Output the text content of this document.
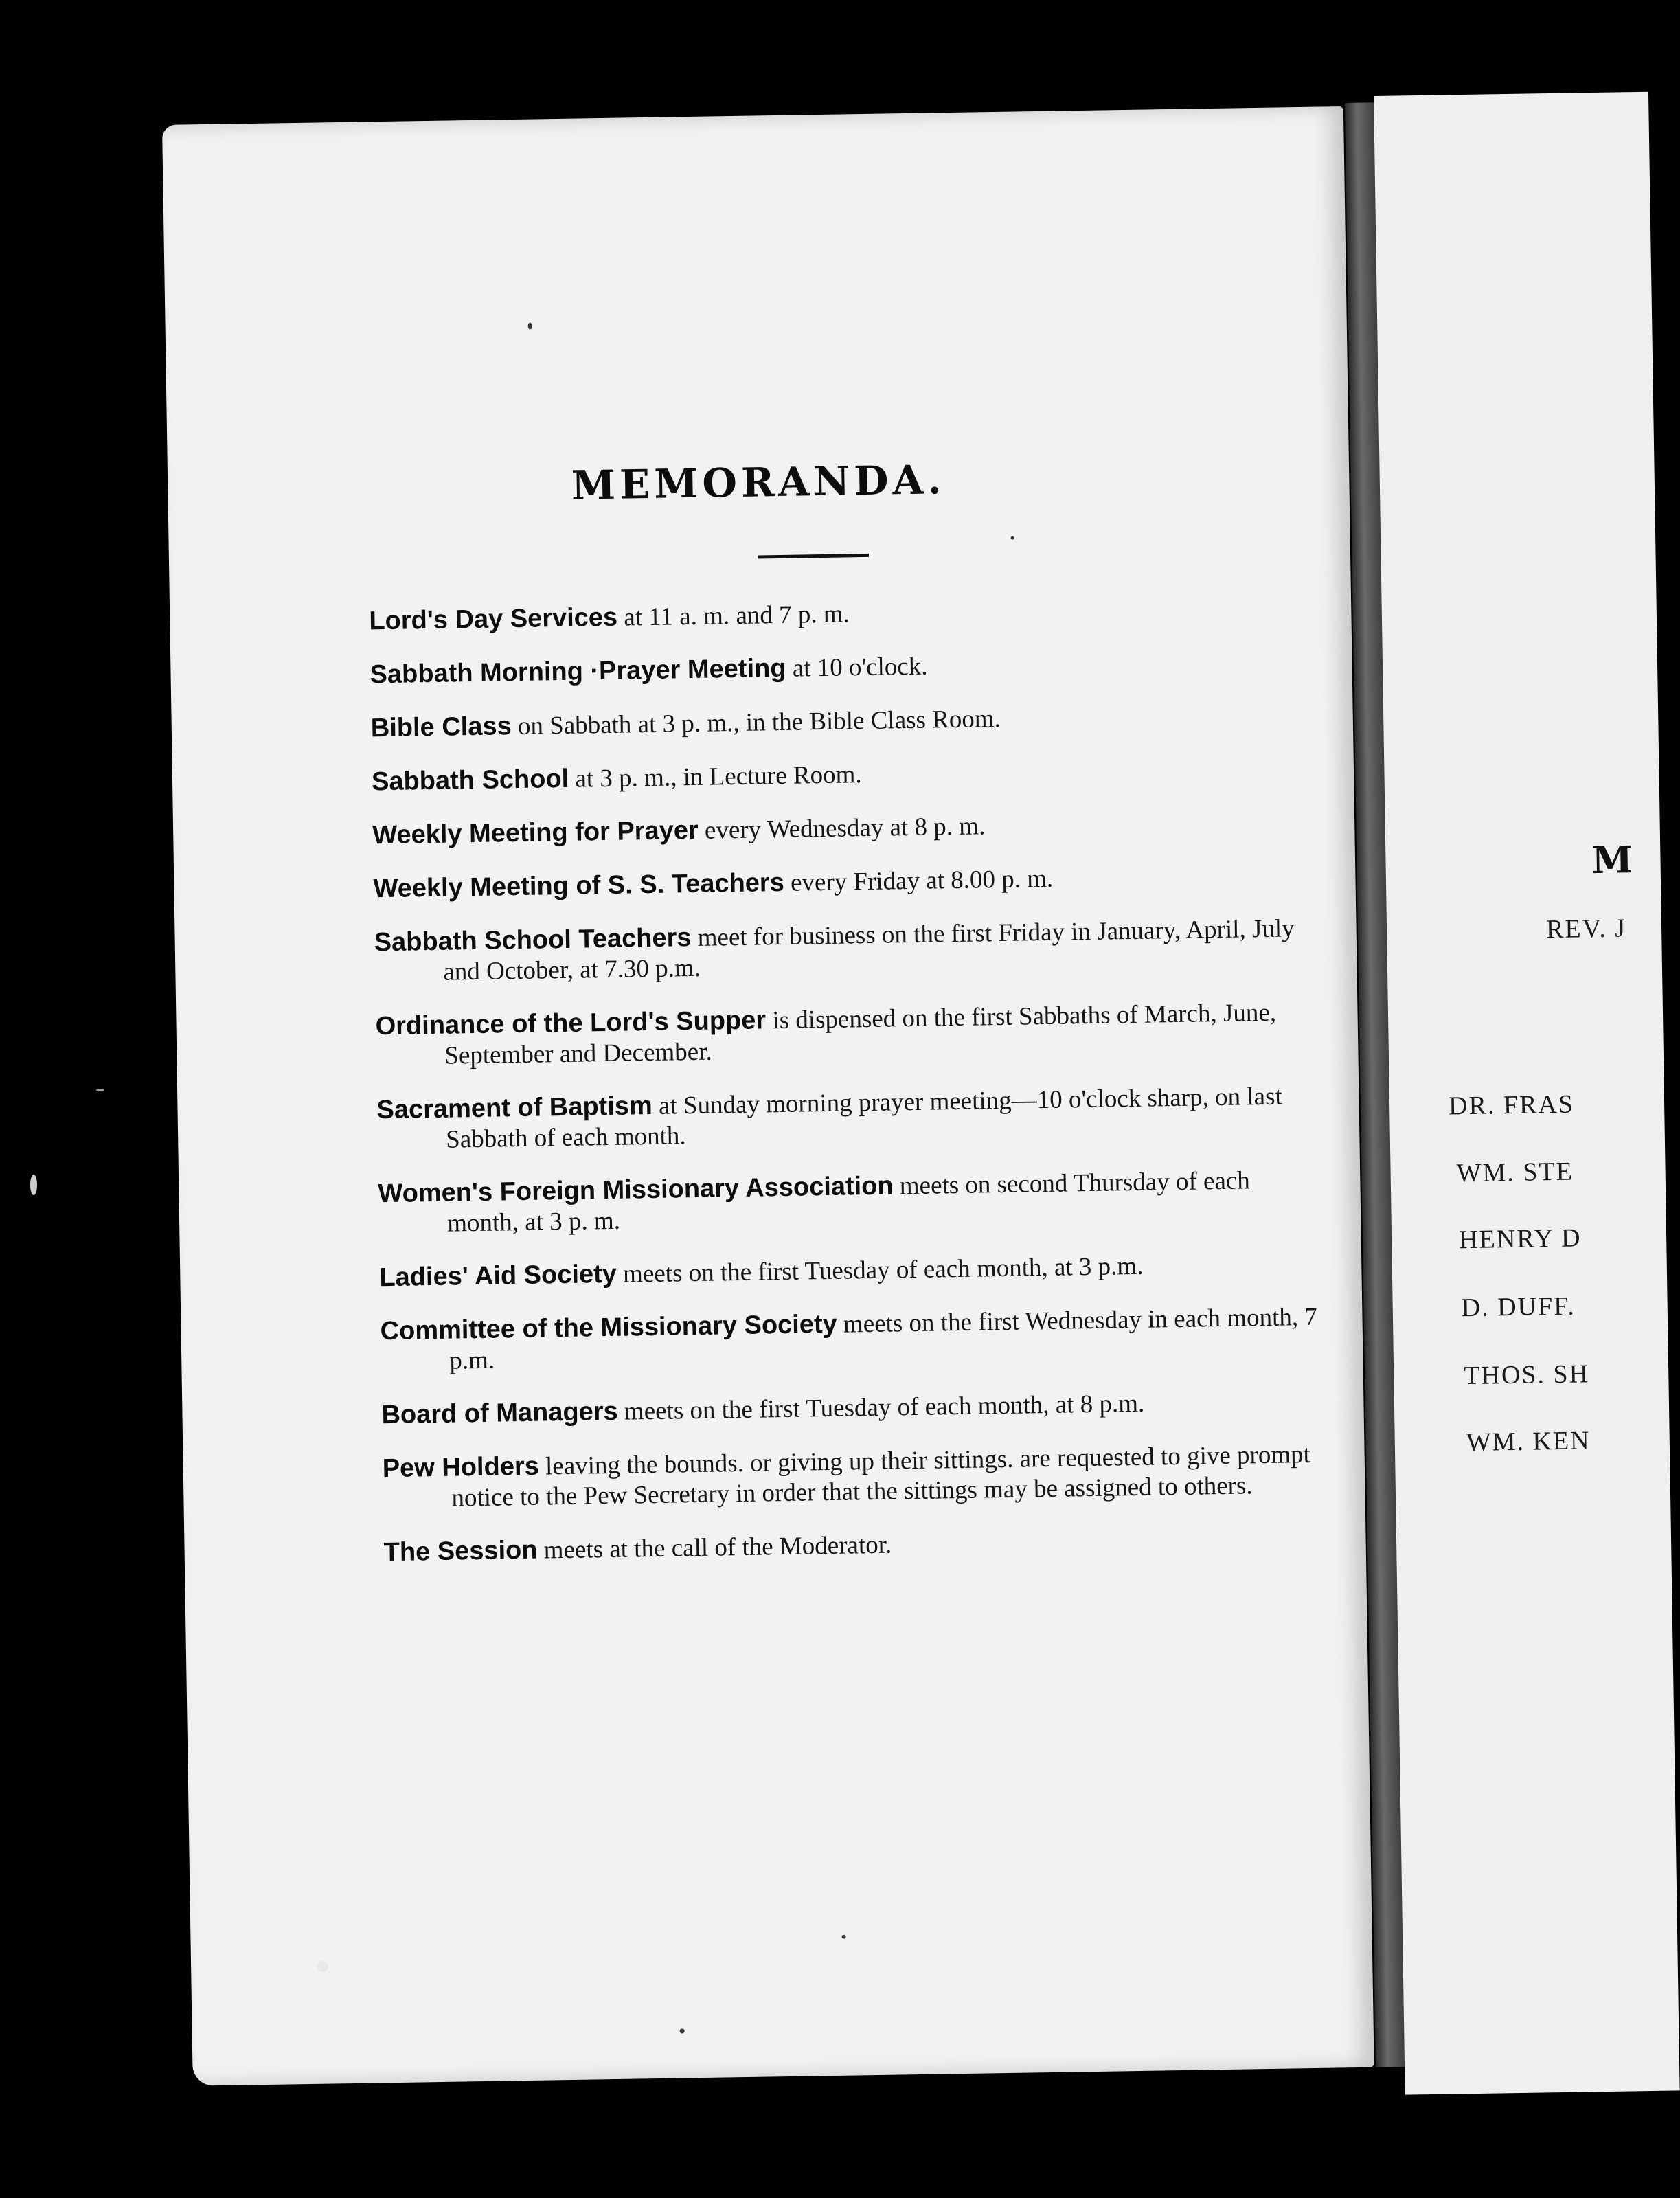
MEMORANDA.
Lord's Day Services at 11 a. m. and 7 p. m.
Sabbath Morning ·Prayer Meeting at 10 o'clock.
Bible Class on Sabbath at 3 p. m., in the Bible Class Room.
Sabbath School at 3 p. m., in Lecture Room.
Weekly Meeting for Prayer every Wednesday at 8 p. m.
Weekly Meeting of S. S. Teachers every Friday at 8.00 p. m.
Sabbath School Teachers meet for business on the first Friday in January, April, July and October, at 7.30 p.m.
Ordinance of the Lord's Supper is dispensed on the first Sabbaths of March, June, September and December.
Sacrament of Baptism at Sunday morning prayer meeting—10 o'clock sharp, on last Sabbath of each month.
Women's Foreign Missionary Association meets on second Thursday of each month, at 3 p. m.
Ladies' Aid Society meets on the first Tuesday of each month, at 3 p.m.
Committee of the Missionary Society meets on the first Wednesday in each month, 7 p.m.
Board of Managers meets on the first Tuesday of each month, at 8 p.m.
Pew Holders leaving the bounds. or giving up their sittings. are requested to give prompt notice to the Pew Secretary in order that the sittings may be assigned to others.
The Session meets at the call of the Moderator.
M
REV. J
DR. FRAS
WM. STE
HENRY D
D. DUFF.
THOS. SH
WM. KEN
